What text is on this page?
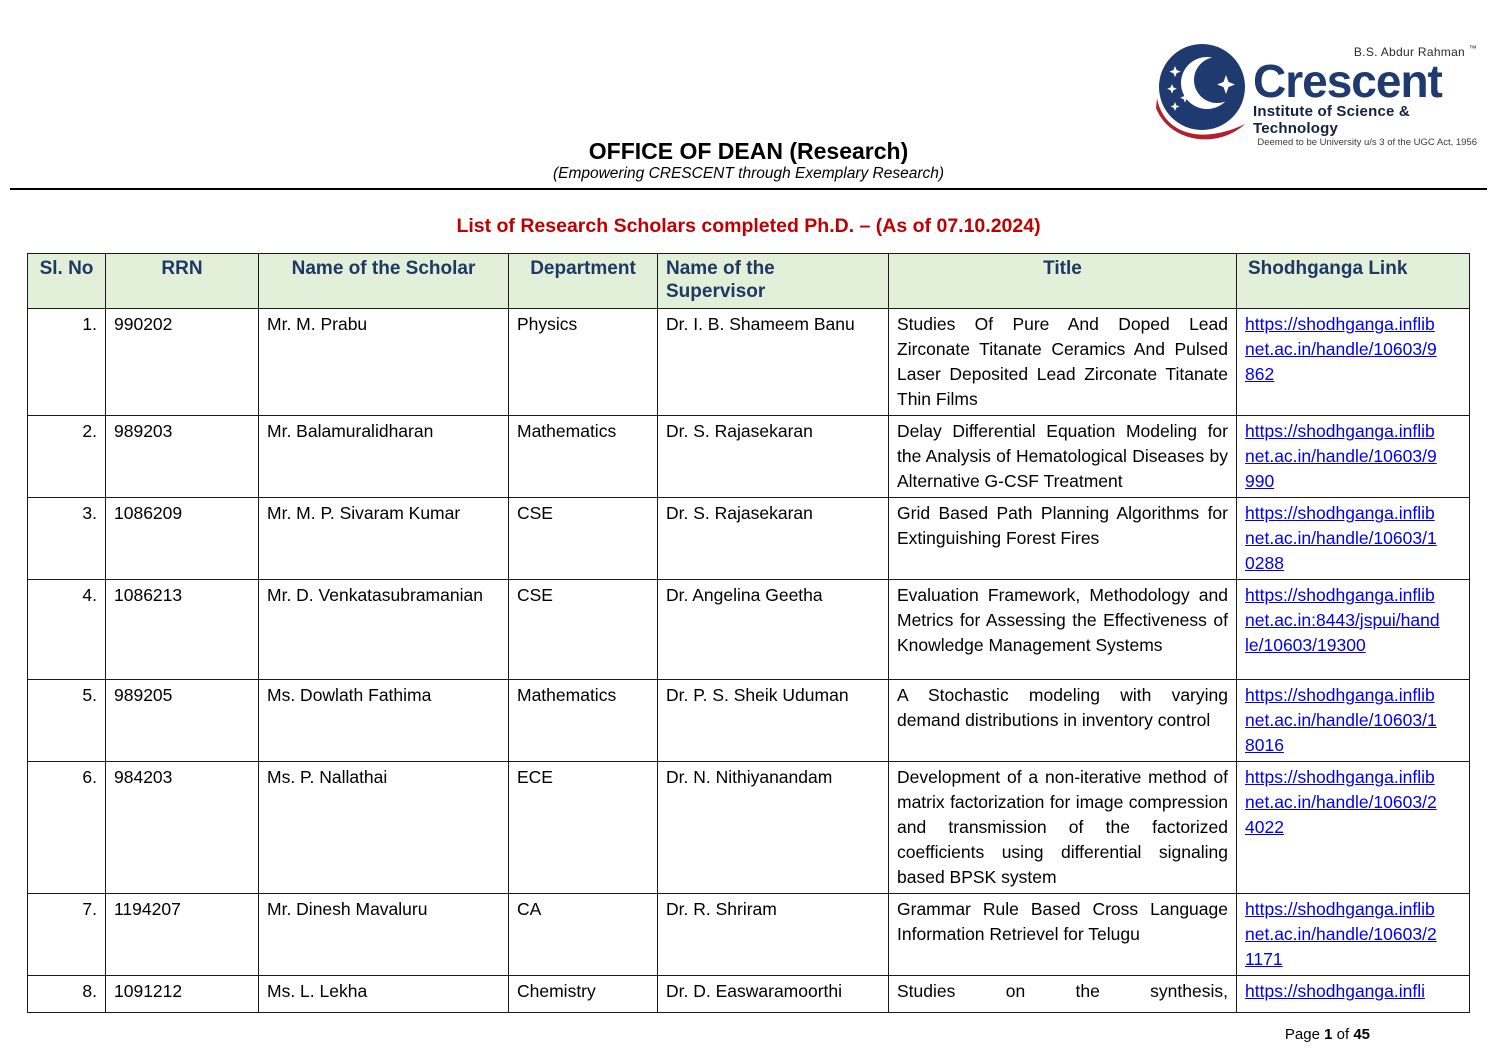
B.S. Abdur Rahman ™
Crescent
Institute of Science & Technology
Deemed to be University u/s 3 of the UGC Act, 1956
OFFICE OF DEAN (Research)
(Empowering CRESCENT through Exemplary Research)
List of Research Scholars completed Ph.D. – (As of 07.10.2024)
Sl. No	RRN	Name of the Scholar	Department	Name of the Supervisor	Title	Shodhganga Link
1.	990202	Mr. M. Prabu	Physics	Dr. I. B. Shameem Banu	Studies Of Pure And Doped Lead Zirconate Titanate Ceramics And Pulsed Laser Deposited Lead Zirconate Titanate Thin Films	https://shodhganga.inflibnet.ac.in/handle/10603/9862
2.	989203	Mr. Balamuralidharan	Mathematics	Dr. S. Rajasekaran	Delay Differential Equation Modeling for the Analysis of Hematological Diseases by Alternative G-CSF Treatment	https://shodhganga.inflibnet.ac.in/handle/10603/9990
3.	1086209	Mr. M. P. Sivaram Kumar	CSE	Dr. S. Rajasekaran	Grid Based Path Planning Algorithms for Extinguishing Forest Fires	https://shodhganga.inflibnet.ac.in/handle/10603/10288
4.	1086213	Mr. D. Venkatasubramanian	CSE	Dr. Angelina Geetha	Evaluation Framework, Methodology and Metrics for Assessing the Effectiveness of Knowledge Management Systems	https://shodhganga.inflibnet.ac.in:8443/jspui/handle/10603/19300
5.	989205	Ms. Dowlath Fathima	Mathematics	Dr. P. S. Sheik Uduman	A Stochastic modeling with varying demand distributions in inventory control	https://shodhganga.inflibnet.ac.in/handle/10603/18016
6.	984203	Ms. P. Nallathai	ECE	Dr. N. Nithiyanandam	Development of a non-iterative method of matrix factorization for image compression and transmission of the factorized coefficients using differential signaling based BPSK system	https://shodhganga.inflibnet.ac.in/handle/10603/24022
7.	1194207	Mr. Dinesh Mavaluru	CA	Dr. R. Shriram	Grammar Rule Based Cross Language Information Retrievel for Telugu	https://shodhganga.inflibnet.ac.in/handle/10603/21171
8.	1091212	Ms. L. Lekha	Chemistry	Dr. D. Easwaramoorthi	Studies on the synthesis,	https://shodhganga.infli
Page 1 of 45
